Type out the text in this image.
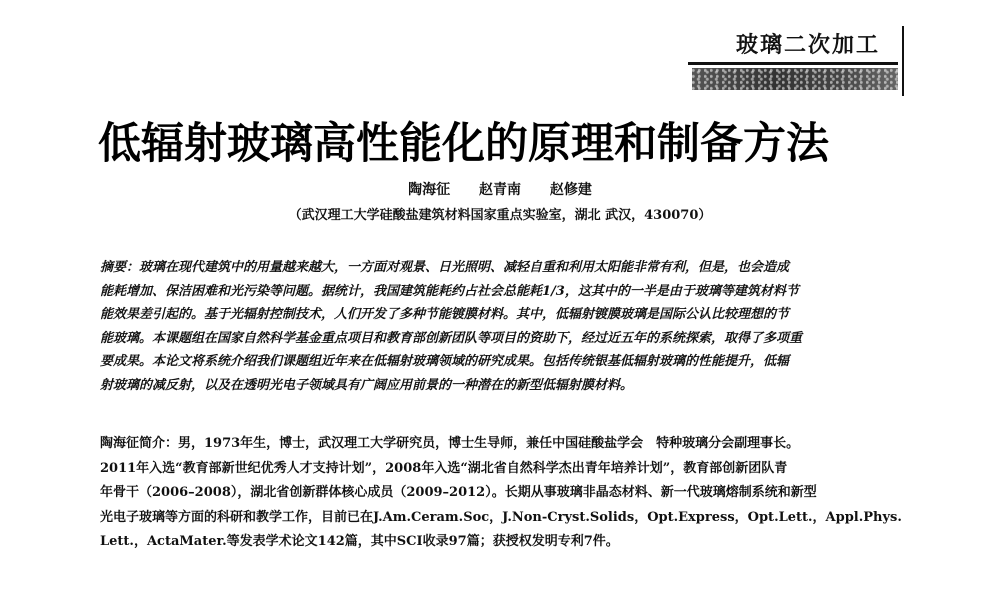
玻璃二次加工
低辐射玻璃高性能化的原理和制备方法
陶海征 赵青南 赵修建
（武汉理工大学硅酸盐建筑材料国家重点实验室，湖北 武汉，430070）
摘要：玻璃在现代建筑中的用量越来越大，一方面对观景、日光照明、减轻自重和利用太阳能非常有利，但是，也会造成
能耗增加、保洁困难和光污染等问题。据统计，我国建筑能耗约占社会总能耗1/3，这其中的一半是由于玻璃等建筑材料节
能效果差引起的。基于光辐射控制技术，人们开发了多种节能镀膜材料。其中，低辐射镀膜玻璃是国际公认比较理想的节
能玻璃。本课题组在国家自然科学基金重点项目和教育部创新团队等项目的资助下，经过近五年的系统探索，取得了多项重
要成果。本论文将系统介绍我们课题组近年来在低辐射玻璃领域的研究成果。包括传统银基低辐射玻璃的性能提升，低辐
射玻璃的减反射，以及在透明光电子领域具有广阔应用前景的一种潜在的新型低辐射膜材料。
陶海征简介：男，1973年生，博士，武汉理工大学研究员，博士生导师，兼任中国硅酸盐学会　特种玻璃分会副理事长。
2011年入选“教育部新世纪优秀人才支持计划”，2008年入选“湖北省自然科学杰出青年培养计划”，教育部创新团队青
年骨干（2006–2008），湖北省创新群体核心成员（2009–2012）。长期从事玻璃非晶态材料、新一代玻璃熔制系统和新型
光电子玻璃等方面的科研和教学工作，目前已在J.Am.Ceram.Soc，J.Non-Cryst.Solids，Opt.Express，Opt.Lett.，Appl.Phys.
Lett.，ActaMater.等发表学术论文142篇，其中SCI收录97篇；获授权发明专利7件。
